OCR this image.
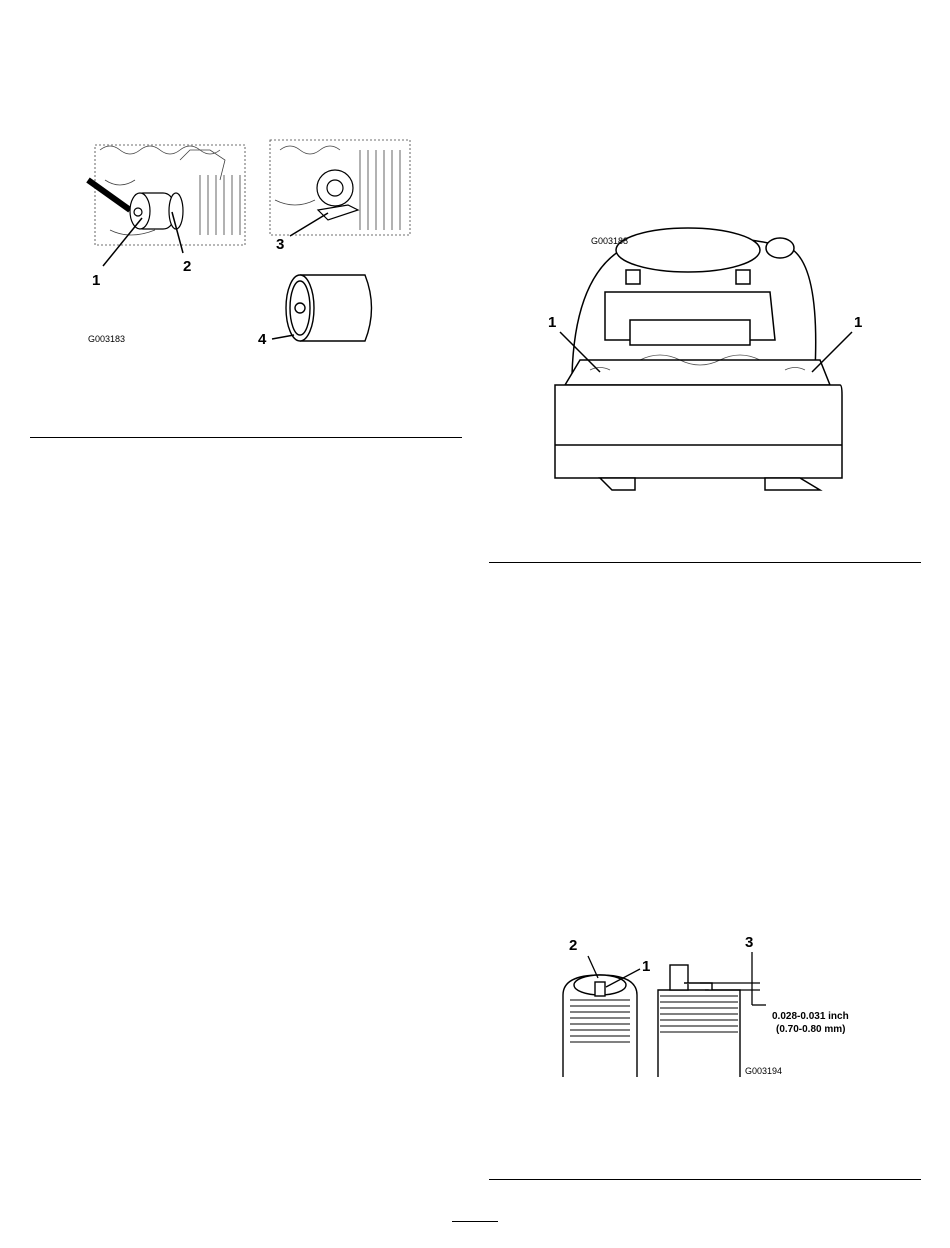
1
2
3
4
G003183
G003188
1	1
2
1
3
0.028-0.031 inch
(0.70-0.80 mm)
G003194
